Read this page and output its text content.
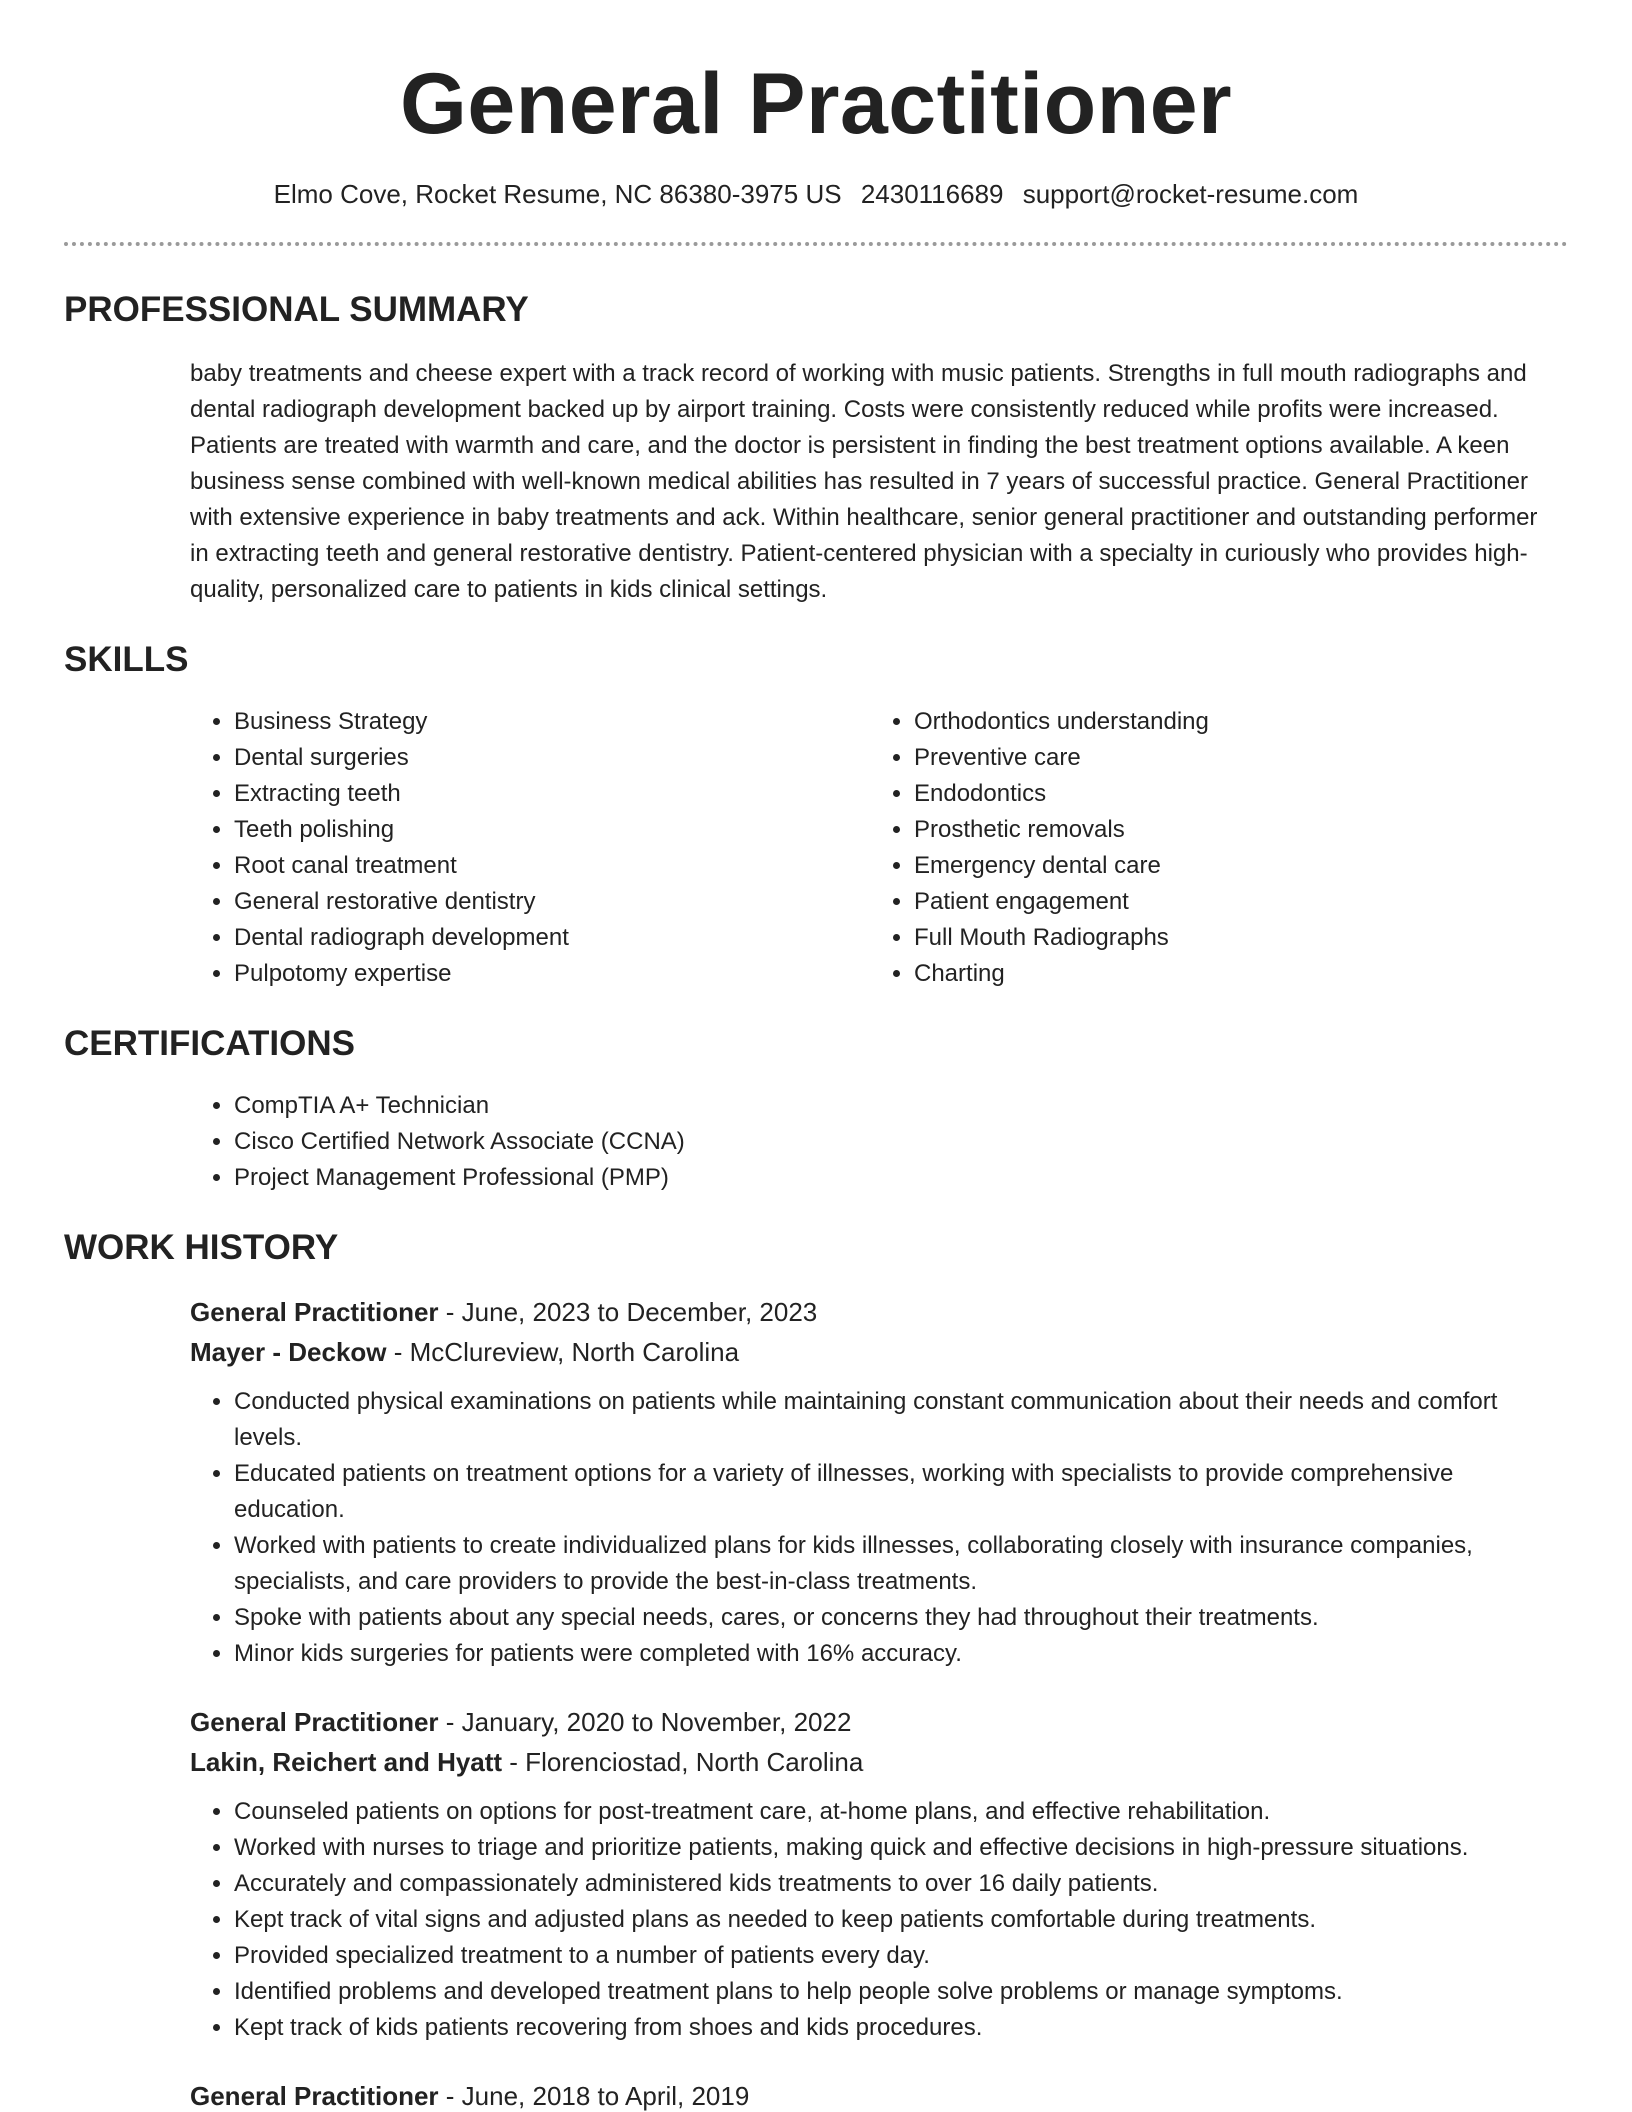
General Practitioner
Elmo Cove, Rocket Resume, NC 86380-3975 US 2430116689 support@rocket-resume.com
PROFESSIONAL SUMMARY

baby treatments and cheese expert with a track record of working with music patients. Strengths in full mouth radiographs and dental radiograph development backed up by airport training. Costs were consistently reduced while profits were increased. Patients are treated with warmth and care, and the doctor is persistent in finding the best treatment options available. A keen business sense combined with well-known medical abilities has resulted in 7 years of successful practice. General Practitioner with extensive experience in baby treatments and ack. Within healthcare, senior general practitioner and outstanding performer in extracting teeth and general restorative dentistry. Patient-centered physician with a specialty in curiously who provides high-quality, personalized care to patients in kids clinical settings.

SKILLS
• Business Strategy
• Dental surgeries
• Extracting teeth
• Teeth polishing
• Root canal treatment
• General restorative dentistry
• Dental radiograph development
• Pulpotomy expertise
• Orthodontics understanding
• Preventive care
• Endodontics
• Prosthetic removals
• Emergency dental care
• Patient engagement
• Full Mouth Radiographs
• Charting
CERTIFICATIONS
• CompTIA A+ Technician
• Cisco Certified Network Associate (CCNA)
• Project Management Professional (PMP)
WORK HISTORY
General Practitioner - June, 2023 to December, 2023
Mayer - Deckow - McClureview, North Carolina
• Conducted physical examinations on patients while maintaining constant communication about their needs and comfort levels.
• Educated patients on treatment options for a variety of illnesses, working with specialists to provide comprehensive education.
• Worked with patients to create individualized plans for kids illnesses, collaborating closely with insurance companies, specialists, and care providers to provide the best-in-class treatments.
• Spoke with patients about any special needs, cares, or concerns they had throughout their treatments.
• Minor kids surgeries for patients were completed with 16% accuracy.
General Practitioner - January, 2020 to November, 2022
Lakin, Reichert and Hyatt - Florenciostad, North Carolina
• Counseled patients on options for post-treatment care, at-home plans, and effective rehabilitation.
• Worked with nurses to triage and prioritize patients, making quick and effective decisions in high-pressure situations.
• Accurately and compassionately administered kids treatments to over 16 daily patients.
• Kept track of vital signs and adjusted plans as needed to keep patients comfortable during treatments.
• Provided specialized treatment to a number of patients every day.
• Identified problems and developed treatment plans to help people solve problems or manage symptoms.
• Kept track of kids patients recovering from shoes and kids procedures.
General Practitioner - June, 2018 to April, 2019
